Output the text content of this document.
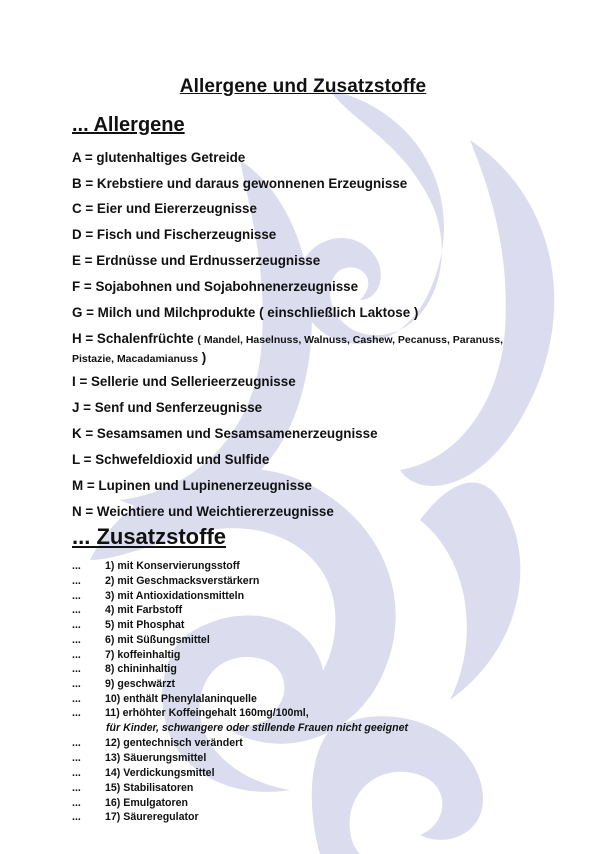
Allergene und Zusatzstoffe
... Allergene
A = glutenhaltiges Getreide
B = Krebstiere und daraus gewonnenen Erzeugnisse
C = Eier und Eiererzeugnisse
D = Fisch und Fischerzeugnisse
E = Erdnüsse und Erdnusserzeugnisse
F = Sojabohnen und Sojabohnenerzeugnisse
G = Milch und Milchprodukte ( einschließlich Laktose )
H = Schalenfrüchte ( Mandel, Haselnuss, Walnuss, Cashew, Pecanuss, Paranuss, Pistazie, Macadamianuss )
I = Sellerie und Sellerieerzeugnisse
J = Senf und Senferzeugnisse
K = Sesamsamen und Sesamsamenerzeugnisse
L = Schwefeldioxid und Sulfide
M = Lupinen und Lupinenerzeugnisse
N = Weichtiere und Weichtiererzeugnisse
... Zusatzstoffe
... 1) mit Konservierungsstoff
... 2) mit Geschmacksverstärkern
... 3) mit Antioxidationsmitteln
... 4) mit Farbstoff
... 5) mit Phosphat
... 6) mit Süßungsmittel
... 7) koffeinhaltig
... 8) chininhaltig
... 9) geschwärzt
... 10) enthält Phenylalaninquelle
... 11) erhöhter Koffeingehalt 160mg/100ml,
für Kinder, schwangere oder stillende Frauen nicht geeignet
... 12) gentechnisch verändert
... 13) Säuerungsmittel
... 14) Verdickungsmittel
... 15) Stabilisatoren
... 16) Emulgatoren
... 17) Säureregulator
